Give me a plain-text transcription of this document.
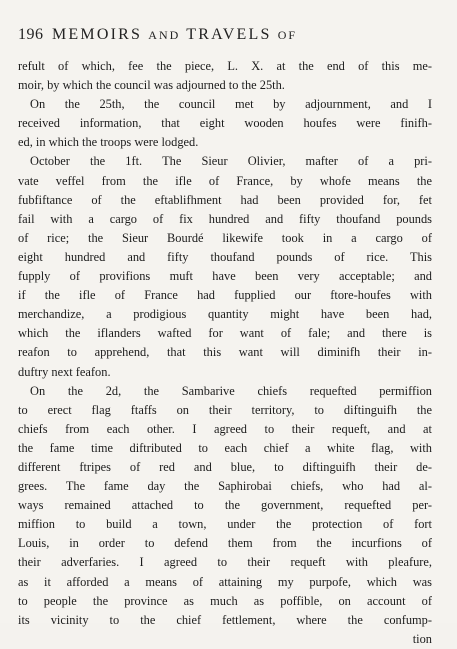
196 MEMOIRS AND TRAVELS OF
refult of which, fee the piece, L. X. at the end of this me-
moir, by which the council was adjourned to the 25th.
On the 25th, the council met by adjournment, and I
received information, that eight wooden houfes were finifh-
ed, in which the troops were lodged.
October the 1ft. The Sieur Olivier, mafter of a pri-
vate veffel from the ifle of France, by whofe means the
fubfiftance of the eftablifhment had been provided for, fet
fail with a cargo of fix hundred and fifty thoufand pounds
of rice; the Sieur Bourdé likewife took in a cargo of
eight hundred and fifty thoufand pounds of rice. This
fupply of provifions muft have been very acceptable; and
if the ifle of France had fupplied our ftore-houfes with
merchandize, a prodigious quantity might have been had,
which the iflanders wafted for want of fale; and there is
reafon to apprehend, that this want will diminifh their in-
duftry next feafon.
On the 2d, the Sambarive chiefs requefted permiffion
to erect flag ftaffs on their territory, to diftinguifh the
chiefs from each other. I agreed to their requeft, and at
the fame time diftributed to each chief a white flag, with
different ftripes of red and blue, to diftinguifh their de-
grees. The fame day the Saphirobai chiefs, who had al-
ways remained attached to the government, requefted per-
miffion to build a town, under the protection of fort
Louis, in order to defend them from the incurfions of
their adverfaries. I agreed to their requeft with pleafure,
as it afforded a means of attaining my purpofe, which was
to people the province as much as poffible, on account of
its vicinity to the chief fettlement, where the confump-
tion
